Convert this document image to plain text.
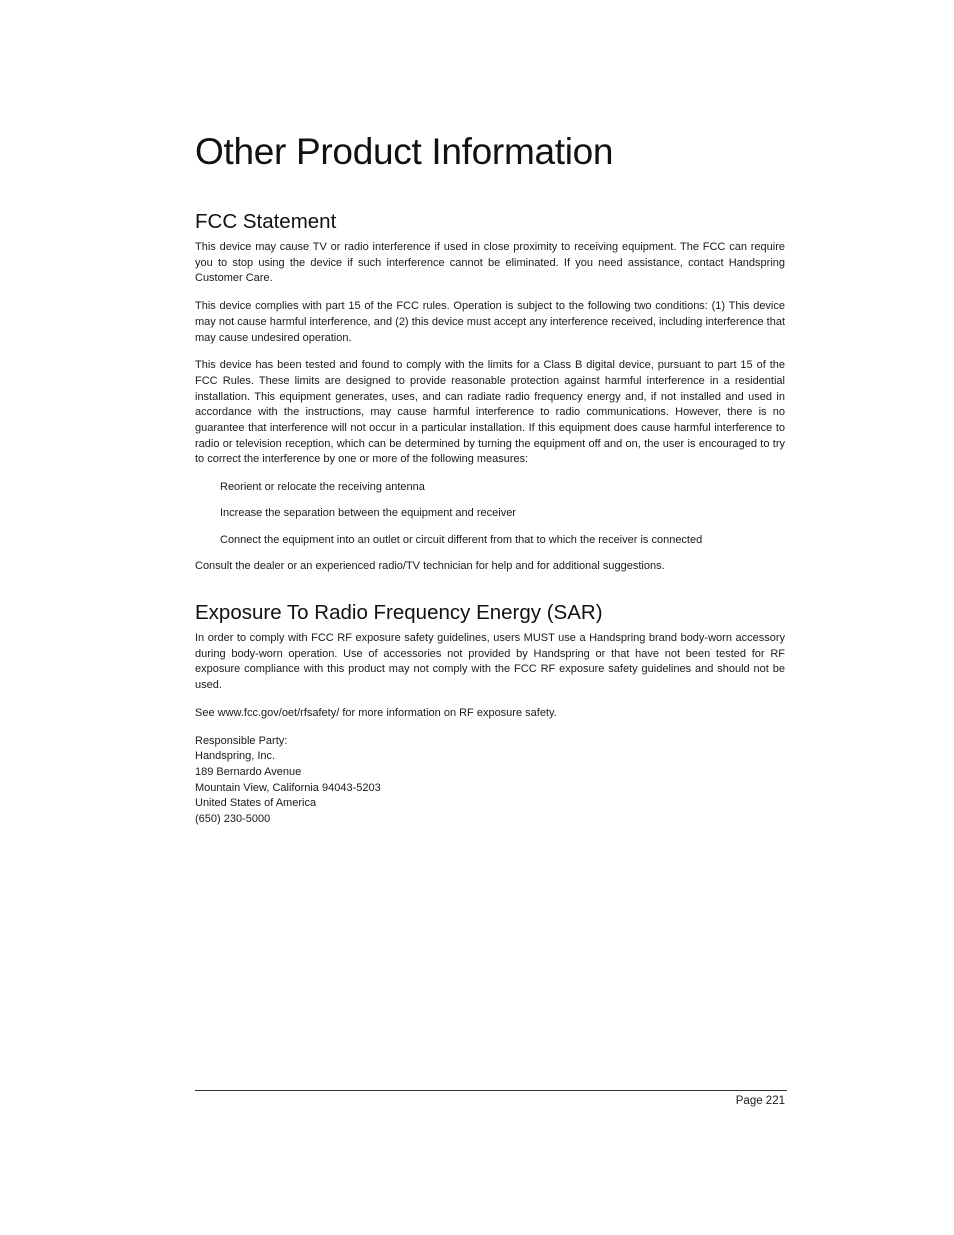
Other Product Information
FCC Statement

This device may cause TV or radio interference if used in close proximity to receiving equipment. The FCC can require you to stop using the device if such interference cannot be eliminated. If you need assistance, contact Handspring Customer Care.

This device complies with part 15 of the FCC rules. Operation is subject to the following two conditions: (1) This device may not cause harmful interference, and (2) this device must accept any interference received, including interference that may cause undesired operation.

This device has been tested and found to comply with the limits for a Class B digital device, pursuant to part 15 of the FCC Rules. These limits are designed to provide reasonable protection against harmful interference in a residential installation. This equipment generates, uses, and can radiate radio frequency energy and, if not installed and used in accordance with the instructions, may cause harmful interference to radio communications. However, there is no guarantee that interference will not occur in a particular installation. If this equipment does cause harmful interference to radio or television reception, which can be determined by turning the equipment off and on, the user is encouraged to try to correct the interference by one or more of the following measures:

Reorient or relocate the receiving antenna

Increase the separation between the equipment and receiver

Connect the equipment into an outlet or circuit different from that to which the receiver is connected

Consult the dealer or an experienced radio/TV technician for help and for additional suggestions.

Exposure To Radio Frequency Energy (SAR)

In order to comply with FCC RF exposure safety guidelines, users MUST use a Handspring brand body-worn accessory during body-worn operation. Use of accessories not provided by Handspring or that have not been tested for RF exposure compliance with this product may not comply with the FCC RF exposure safety guidelines and should not be used.

See www.fcc.gov/oet/rfsafety/ for more information on RF exposure safety.

Responsible Party:

Handspring, Inc.

189 Bernardo Avenue

Mountain View, California 94043-5203

United States of America

(650) 230-5000

Page 221
